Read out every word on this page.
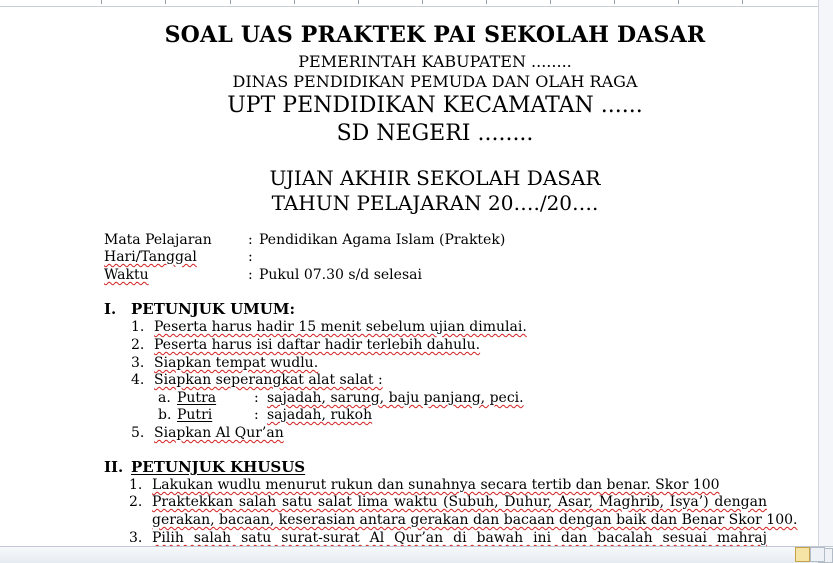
SOAL UAS PRAKTEK PAI SEKOLAH DASAR
PEMERINTAH KABUPATEN ........
DINAS PENDIDIKAN PEMUDA DAN OLAH RAGA
UPT PENDIDIKAN KECAMATAN ......
SD NEGERI ........
UJIAN AKHIR SEKOLAH DASAR
TAHUN PELAJARAN 20…./20….
Mata Pelajaran	: Pendidikan Agama Islam (Praktek)
Hari/Tanggal	:
Waktu	: Pukul 07.30 s/d selesai
I. PETUNJUK UMUM:
1. Peserta harus hadir 15 menit sebelum ujian dimulai.
2. Peserta harus isi daftar hadir terlebih dahulu.
3. Siapkan tempat wudlu.
4. Siapkan seperangkat alat salat :
a. Putra	: sajadah, sarung, baju panjang, peci.
b. Putri	: sajadah, rukoh
5. Siapkan Al Qur’an
II. PETUNJUK KHUSUS
1. Lakukan wudlu menurut rukun dan sunahnya secara tertib dan benar. Skor 100
2. Praktekkan salah satu salat lima waktu (Subuh, Duhur, Asar, Maghrib, Isya’) dengan
gerakan, bacaan, keserasian antara gerakan dan bacaan dengan baik dan Benar Skor 100.
3. Pilih salah satu surat-surat Al Qur’an di bawah ini dan bacalah sesuai mahraj
